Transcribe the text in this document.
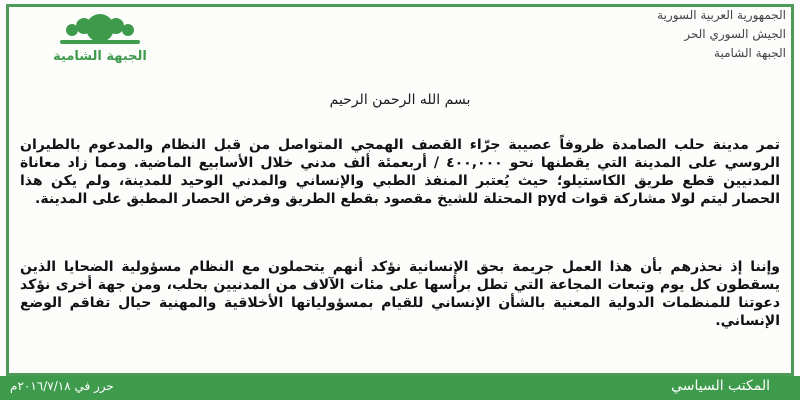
الجبهة الشامية
الجمهورية العربية السورية
الجيش السوري الحر
الجبهة الشامية
بسم الله الرحمن الرحيم
تمر مدينة حلب الصامدة ظروفاً عصيبة جرّاء القصف الهمجي المتواصل من قبل النظام والمدعوم بالطيران الروسي على المدينة التي يقطنها نحو ٤٠٠,٠٠٠ / أربعمئة ألف مدني خلال الأسابيع الماضية. ومما زاد معاناة المدنيين قطع طريق الكاستيلو؛ حيث يُعتبر المنفذ الطبي والإنساني والمدني الوحيد للمدينة، ولم يكن هذا الحصار ليتم لولا مشاركة قوات pyd المحتلة للشيخ مقصود بقطع الطريق وفرض الحصار المطبق على المدينة.
وإننا إذ نحذرهم بأن هذا العمل جريمة بحق الإنسانية نؤكد أنهم يتحملون مع النظام مسؤولية الضحايا الذين يسقطون كل يوم وتبعات المجاعة التي تطل برأسها على مئات الآلاف من المدنيين بحلب، ومن جهة أخرى نؤكد دعوتنا للمنظمات الدولية المعنية بالشأن الإنساني للقيام بمسؤولياتها الأخلاقية والمهنية حيال تفاقم الوضع الإنساني.
حرر في ٢٠١٦/٧/١٨م	المكتب السياسي
